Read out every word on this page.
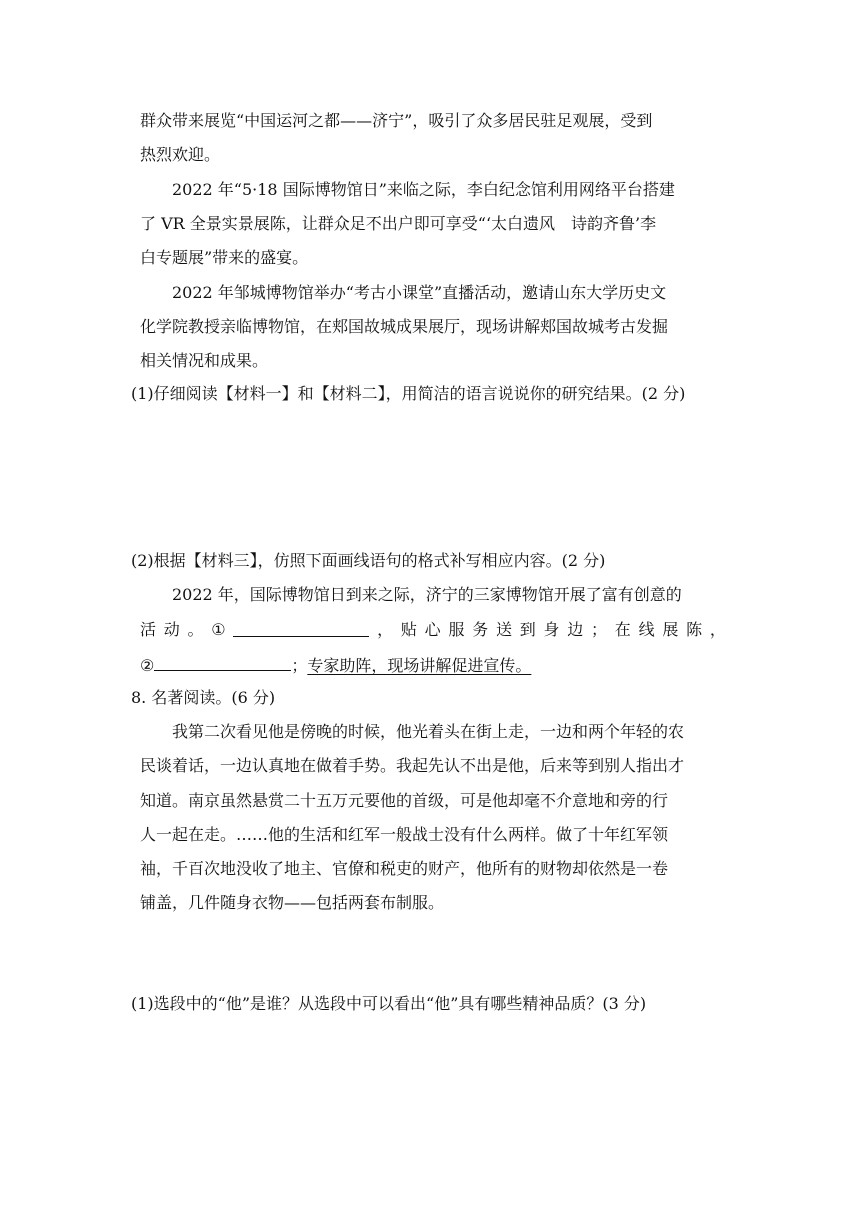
群众带来展览“中国运河之都——济宁”，吸引了众多居民驻足观展，受到
热烈欢迎。
2022 年“5·18 国际博物馆日”来临之际，李白纪念馆利用网络平台搭建
了 VR 全景实景展陈，让群众足不出户即可享受“‘太白遗风　诗韵齐鲁’李
白专题展”带来的盛宴。
2022 年邹城博物馆举办“考古小课堂”直播活动，邀请山东大学历史文
化学院教授亲临博物馆，在郏国故城成果展厅，现场讲解郏国故城考古发掘
相关情况和成果。
(1)仔细阅读【材料一】和【材料二】，用简洁的语言说说你的研究结果。(2 分)
(2)根据【材料三】，仿照下面画线语句的格式补写相应内容。(2 分)
2022 年，国际博物馆日到来之际，济宁的三家博物馆开展了富有创意的
活 动 。 ①	， 贴 心 服 务 送 到 身 边 ； 在 线 展 陈 ，
②	；专家助阵，现场讲解促进宣传。
8. 名著阅读。(6 分)
我第二次看见他是傍晚的时候，他光着头在街上走，一边和两个年轻的农
民谈着话，一边认真地在做着手势。我起先认不出是他，后来等到别人指出才
知道。南京虽然悬赏二十五万元要他的首级，可是他却毫不介意地和旁的行
人一起在走。……他的生活和红军一般战士没有什么两样。做了十年红军领
袖，千百次地没收了地主、官僚和税吏的财产，他所有的财物却依然是一卷
铺盖，几件随身衣物——包括两套布制服。
(1)选段中的“他”是谁？从选段中可以看出“他”具有哪些精神品质？(3 分)
